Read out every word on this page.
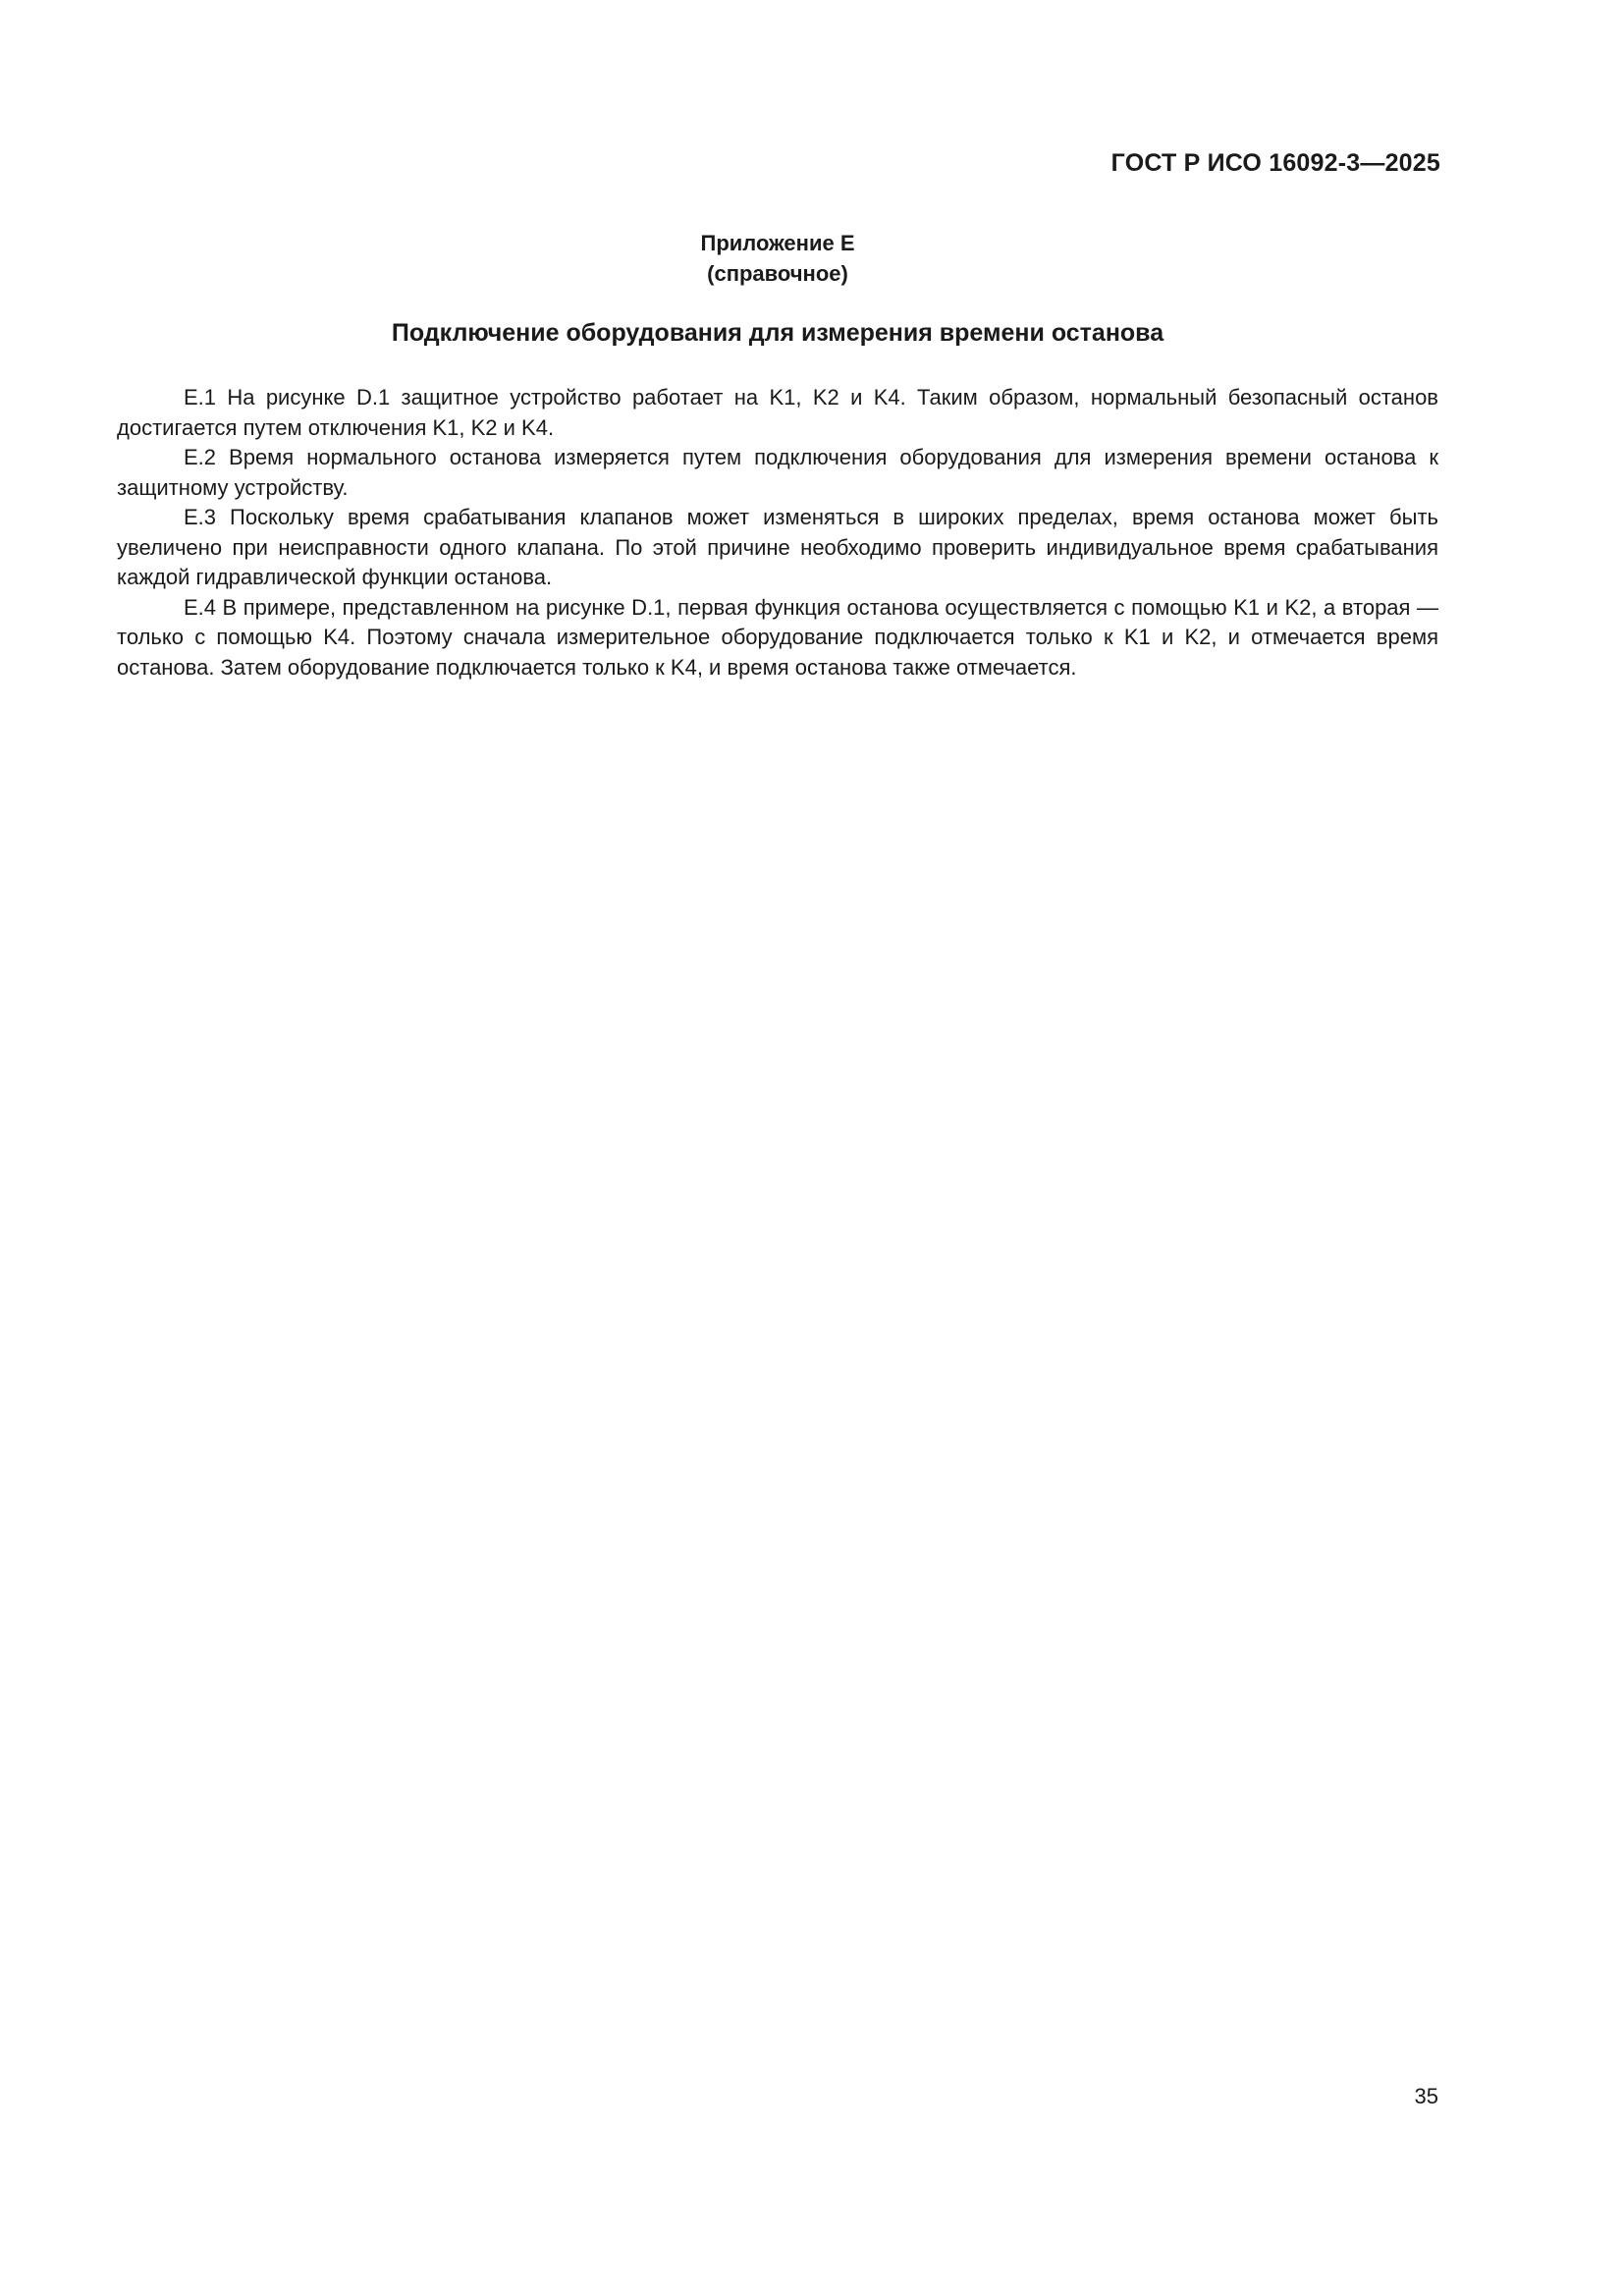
ГОСТ Р ИСО 16092-3—2025
Приложение Е
(справочное)
Подключение оборудования для измерения времени останова

Е.1 На рисунке D.1 защитное устройство работает на K1, K2 и K4. Таким образом, нормальный безопасный останов достигается путем отключения K1, K2 и K4.

Е.2 Время нормального останова измеряется путем подключения оборудования для измерения времени останова к защитному устройству.

Е.3 Поскольку время срабатывания клапанов может изменяться в широких пределах, время останова может быть увеличено при неисправности одного клапана. По этой причине необходимо проверить индивидуальное время срабатывания каждой гидравлической функции останова.

Е.4 В примере, представленном на рисунке D.1, первая функция останова осуществляется с помощью K1 и K2, а вторая — только с помощью K4. Поэтому сначала измерительное оборудование подключается только к K1 и K2, и отмечается время останова. Затем оборудование подключается только к K4, и время останова также отмечается.

35
